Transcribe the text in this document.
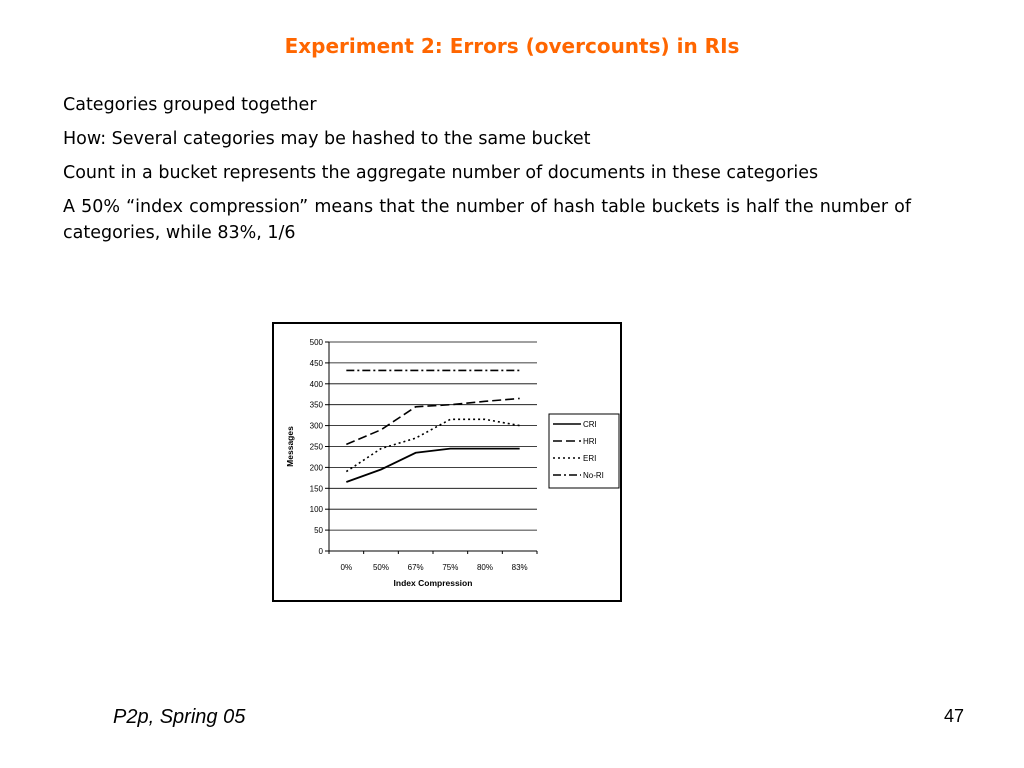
Experiment 2: Errors (overcounts) in RIs

Categories grouped together

How: Several categories may be hashed to the same bucket

Count in a bucket represents the aggregate number of documents in these categories

A 50% “index compression” means that the number of hash table buckets is half the number of categories, while 83%, 1/6

0
50
100
150
200
250
300
350
400
450
500
0%	50% 67% 75% 80% 83%
Index Compression
Messages
CRI
HRI
ERI
No-RI
P2p, Spring 05	47
